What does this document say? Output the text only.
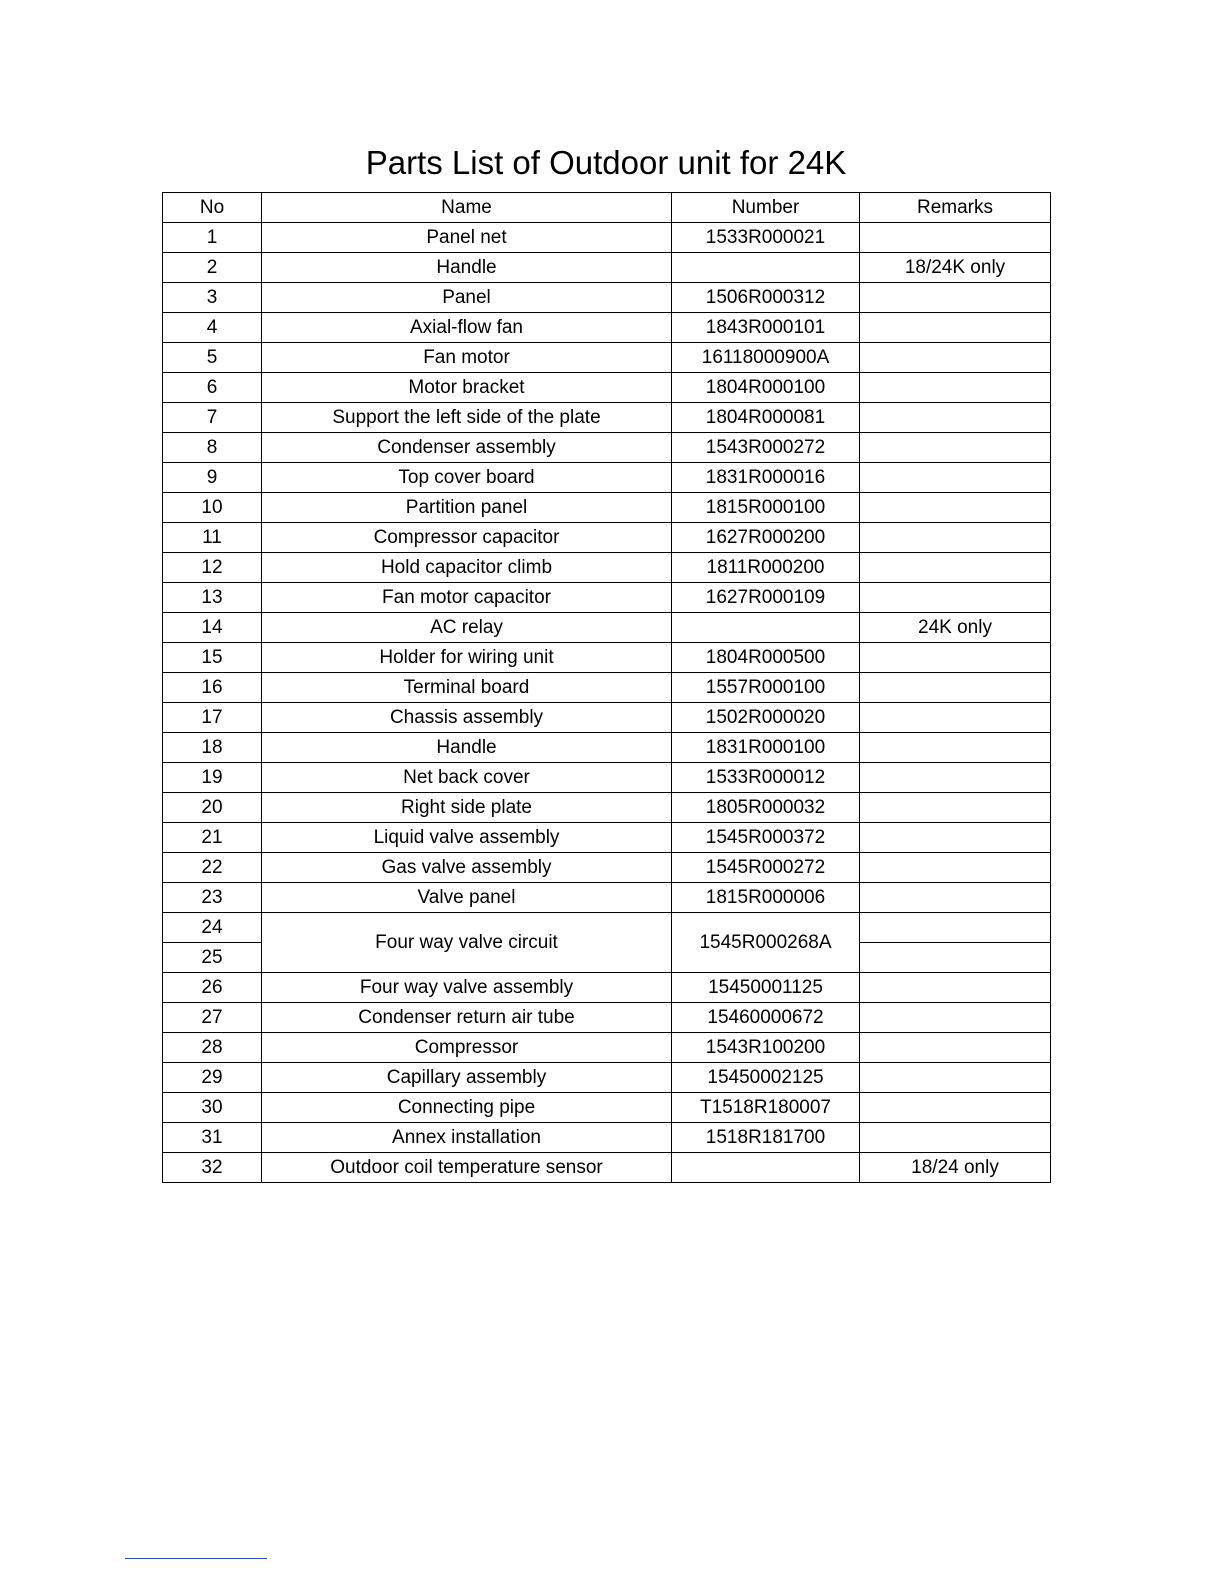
Parts List of Outdoor unit for 24K
No	Name	Number	Remarks
1	Panel net	1533R000021	
2	Handle		18/24K only
3	Panel	1506R000312	
4	Axial-flow fan	1843R000101	
5	Fan motor	16118000900A	
6	Motor bracket	1804R000100	
7	Support the left side of the plate	1804R000081	
8	Condenser assembly	1543R000272	
9	Top cover board	1831R000016	
10	Partition panel	1815R000100	
11	Compressor capacitor	1627R000200	
12	Hold capacitor climb	1811R000200	
13	Fan motor capacitor	1627R000109	
14	AC relay		24K only
15	Holder for wiring unit	1804R000500	
16	Terminal board	1557R000100	
17	Chassis assembly	1502R000020	
18	Handle	1831R000100	
19	Net back cover	1533R000012	
20	Right side plate	1805R000032	
21	Liquid valve assembly	1545R000372	
22	Gas valve assembly	1545R000272	
23	Valve panel	1815R000006	
24	Four way valve circuit	1545R000268A	
25			
26	Four way valve assembly	15450001125	
27	Condenser return air tube	15460000672	
28	Compressor	1543R100200	
29	Capillary assembly	15450002125	
30	Connecting pipe	T1518R180007	
31	Annex installation	1518R181700	
32	Outdoor coil temperature sensor		18/24 only
